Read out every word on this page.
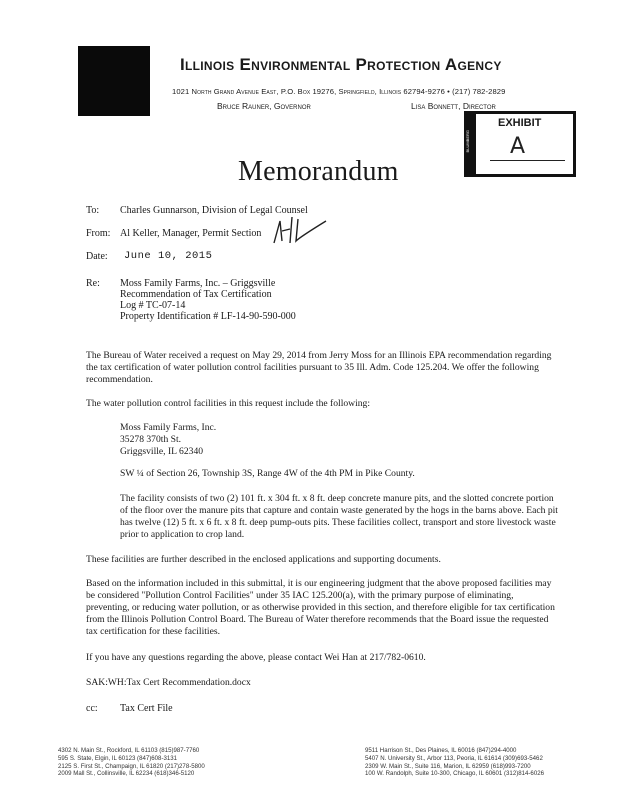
Illinois Environmental Protection Agency
1021 North Grand Avenue East, P.O. Box 19276, Springfield, Illinois 62794-9276 • (217) 782-2829
Bruce Rauner, Governor	Lisa Bonnett, Director
BLUMBERG
EXHIBIT
A
Memorandum
To: Charles Gunnarson, Division of Legal Counsel
From: Al Keller, Manager, Permit Section
Date: June 10, 2015
Re: Moss Family Farms, Inc. – Griggsville
Recommendation of Tax Certification
Log # TC-07-14
Property Identification # LF-14-90-590-000
The Bureau of Water received a request on May 29, 2014 from Jerry Moss for an Illinois EPA recommendation regarding the tax certification of water pollution control facilities pursuant to 35 Ill. Adm. Code 125.204. We offer the following recommendation.
The water pollution control facilities in this request include the following:
Moss Family Farms, Inc.
35278 370th St.
Griggsville, IL 62340
SW ¼ of Section 26, Township 3S, Range 4W of the 4th PM in Pike County.
The facility consists of two (2) 101 ft. x 304 ft. x 8 ft. deep concrete manure pits, and the slotted concrete portion of the floor over the manure pits that capture and contain waste generated by the hogs in the barns above. Each pit has twelve (12) 5 ft. x 6 ft. x 8 ft. deep pump-outs pits. These facilities collect, transport and store livestock waste prior to application to crop land.
These facilities are further described in the enclosed applications and supporting documents.
Based on the information included in this submittal, it is our engineering judgment that the above proposed facilities may be considered "Pollution Control Facilities" under 35 IAC 125.200(a), with the primary purpose of eliminating, preventing, or reducing water pollution, or as otherwise provided in this section, and therefore eligible for tax certification from the Illinois Pollution Control Board. The Bureau of Water therefore recommends that the Board issue the requested tax certification for these facilities.
If you have any questions regarding the above, please contact Wei Han at 217/782-0610.
SAK:WH:Tax Cert Recommendation.docx
cc: Tax Cert File
4302 N. Main St., Rockford, IL 61103 (815)987-7760
595 S. State, Elgin, IL 60123 (847)608-3131
2125 S. First St., Champaign, IL 61820 (217)278-5800
2009 Mall St., Collinsville, IL 62234 (618)346-5120
9511 Harrison St., Des Plaines, IL 60016 (847)294-4000
5407 N. University St., Arbor 113, Peoria, IL 61614 (309)693-5462
2309 W. Main St., Suite 116, Marion, IL 62959 (618)993-7200
100 W. Randolph, Suite 10-300, Chicago, IL 60601 (312)814-6026
